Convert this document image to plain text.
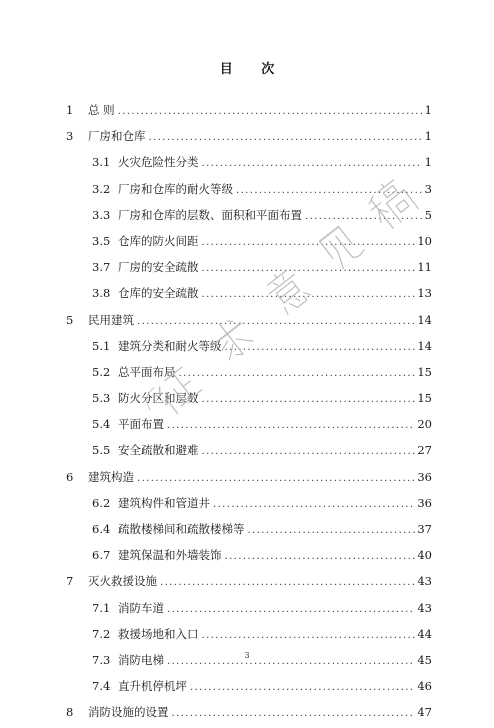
目 次
1	总 则 .....	1
3	厂房和仓库 .....	1
3.1 火灾危险性分类 .....	1
3.2 厂房和仓库的耐火等级 .....	3
3.3 厂房和仓库的层数、面积和平面布置 .....	5
3.5 仓库的防火间距 .....	10
3.7 厂房的安全疏散 .....	11
3.8 仓库的安全疏散 .....	13
5	民用建筑 .....	14
5.1 建筑分类和耐火等级 .....	14
5.2 总平面布局 .....	15
5.3 防火分区和层数 .....	15
5.4 平面布置 .....	20
5.5 安全疏散和避难 .....	27
6	建筑构造 .....	36
6.2 建筑构件和管道井 .....	36
6.4 疏散楼梯间和疏散楼梯等 .....	37
6.7 建筑保温和外墙装饰 .....	40
7	灭火救援设施 .....	43
7.1 消防车道 .....	43
7.2 救援场地和入口 .....	44
7.3 消防电梯 .....	45
7.4 直升机停机坪 .....	46
8	消防设施的设置 .....	47
3
